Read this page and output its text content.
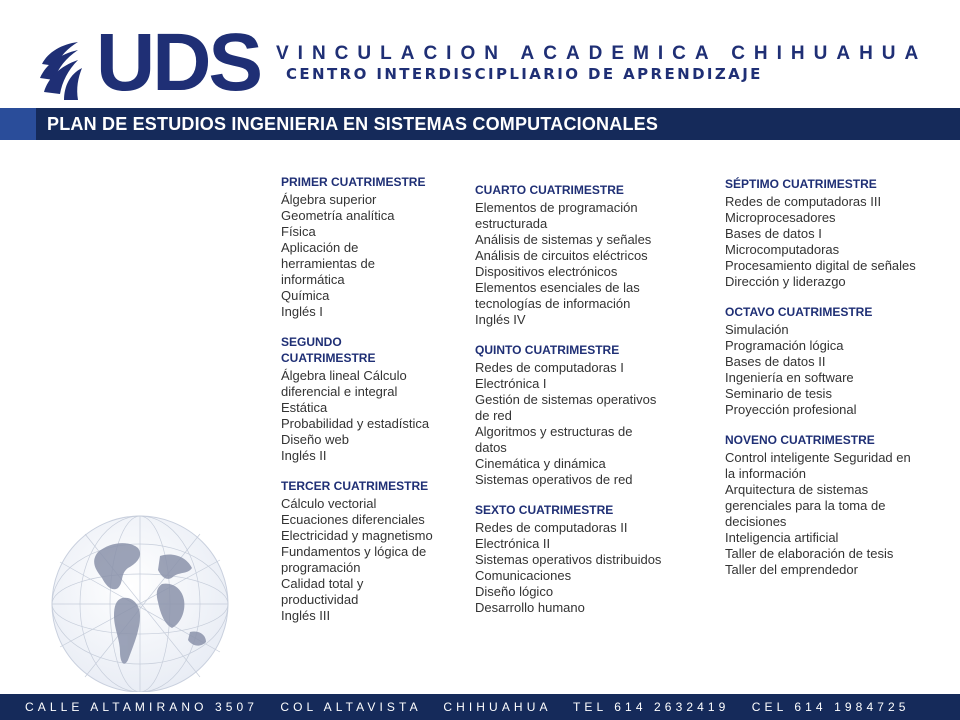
UDS VINCULACION ACADEMICA CHIHUAHUA
CENTRO INTERDISCIPLIARIO DE APRENDIZAJE
PLAN DE ESTUDIOS INGENIERIA EN SISTEMAS COMPUTACIONALES
PRIMER CUATRIMESTRE
Álgebra superior
Geometría analítica
Física
Aplicación de herramientas de informática
Química
Inglés I
SEGUNDO CUATRIMESTRE
Álgebra lineal Cálculo diferencial e integral
Estática
Probabilidad y estadística
Diseño web
Inglés II
TERCER CUATRIMESTRE
Cálculo vectorial
Ecuaciones diferenciales
Electricidad y magnetismo
Fundamentos y lógica de programación
Calidad total y productividad
Inglés III
CUARTO CUATRIMESTRE
Elementos de programación estructurada
Análisis de sistemas y señales
Análisis de circuitos eléctricos
Dispositivos electrónicos
Elementos esenciales de las tecnologías de información
Inglés IV
QUINTO CUATRIMESTRE
Redes de computadoras I
Electrónica I
Gestión de sistemas operativos de red
Algoritmos y estructuras de datos
Cinemática y dinámica
Sistemas operativos de red
SEXTO CUATRIMESTRE
Redes de computadoras II
Electrónica II
Sistemas operativos distribuidos
Comunicaciones
Diseño lógico
Desarrollo humano
SÉPTIMO CUATRIMESTRE
Redes de computadoras III
Microprocesadores
Bases de datos I
Microcomputadoras
Procesamiento digital de señales
Dirección y liderazgo
OCTAVO CUATRIMESTRE
Simulación
Programación lógica
Bases de datos II
Ingeniería en software
Seminario de tesis
Proyección profesional
NOVENO CUATRIMESTRE
Control inteligente Seguridad en la información
Arquitectura de sistemas gerenciales para la toma de decisiones
Inteligencia artificial
Taller de elaboración de tesis
Taller del emprendedor
CALLE ALTAMIRANO 3507   COL ALTAVISTA   CHIHUAHUA   TEL 614 2632419   CEL 614 1984725
